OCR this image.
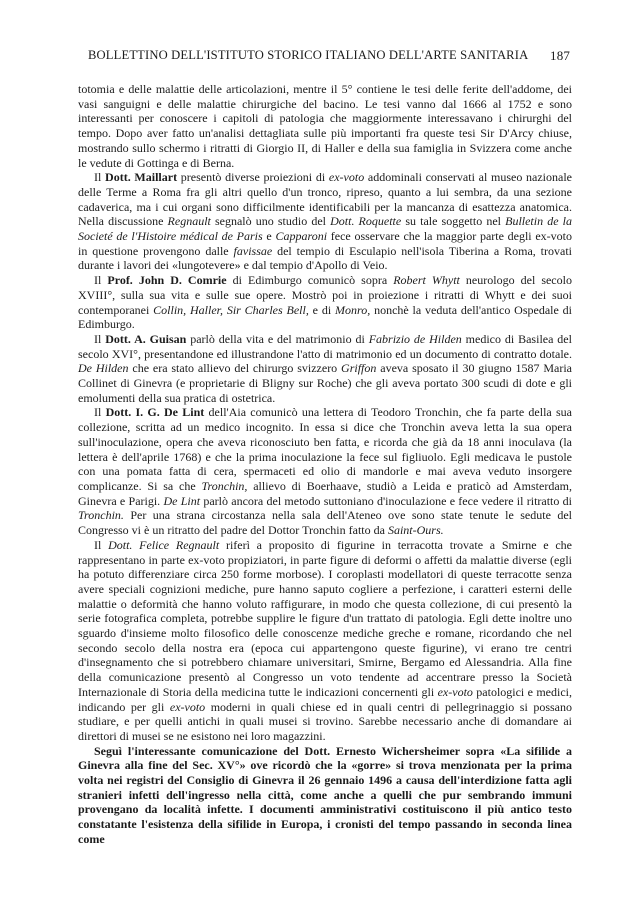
BOLLETTINO DELL'ISTITUTO STORICO ITALIANO DELL'ARTE SANITARIA 187

totomia e delle malattie delle articolazioni, mentre il 5° contiene le tesi delle ferite dell'addome, dei vasi sanguigni e delle malattie chirurgiche del bacino. Le tesi vanno dal 1666 al 1752 e sono interessanti per conoscere i capitoli di patologia che maggiormente interessavano i chirurghi del tempo. Dopo aver fatto un'analisi dettagliata sulle più importanti fra queste tesi Sir D'Arcy chiuse, mostrando sullo schermo i ritratti di Giorgio II, di Haller e della sua famiglia in Svizzera come anche le vedute di Gottinga e di Berna.

Il Dott. Maillart presentò diverse proiezioni di ex-voto addominali conservati al museo nazionale delle Terme a Roma fra gli altri quello d'un tronco, ripreso, quanto a lui sembra, da una sezione cadaverica, ma i cui organi sono difficilmente identificabili per la mancanza di esattezza anatomica. Nella discussione Regnault segnalò uno studio del Dott. Roquette su tale soggetto nel Bulletin de la Societé de l'Histoire médical de Paris e Capparoni fece osservare che la maggior parte degli ex-voto in questione provengono dalle favissae del tempio di Esculapio nell'isola Tiberina a Roma, trovati durante i lavori dei «lungotevere» e dal tempio d'Apollo di Veio.

Il Prof. John D. Comrie di Edimburgo comunicò sopra Robert Whytt neurologo del secolo XVIII°, sulla sua vita e sulle sue opere. Mostrò poi in proiezione i ritratti di Whytt e dei suoi contemporanei Collin, Haller, Sir Charles Bell, e di Monro, nonchè la veduta dell'antico Ospedale di Edimburgo.

Il Dott. A. Guisan parlò della vita e del matrimonio di Fabrizio de Hilden medico di Basilea del secolo XVI°, presentandone ed illustrandone l'atto di matrimonio ed un documento di contratto dotale. De Hilden che era stato allievo del chirurgo svizzero Griffon aveva sposato il 30 giugno 1587 Maria Collinet di Ginevra (e proprietarie di Bligny sur Roche) che gli aveva portato 300 scudi di dote e gli emolumenti della sua pratica di ostetrica.

Il Dott. I. G. De Lint dell'Aia comunicò una lettera di Teodoro Tronchin, che fa parte della sua collezione, scritta ad un medico incognito. In essa si dice che Tronchin aveva letta la sua opera sull'inoculazione, opera che aveva riconosciuto ben fatta, e ricorda che già da 18 anni inoculava (la lettera è dell'aprile 1768) e che la prima inoculazione la fece sul figliuolo. Egli medicava le pustole con una pomata fatta di cera, spermaceti ed olio di mandorle e mai aveva veduto insorgere complicanze. Si sa che Tronchin, allievo di Boerhaave, studiò a Leida e praticò ad Amsterdam, Ginevra e Parigi. De Lint parlò ancora del metodo suttoniano d'inoculazione e fece vedere il ritratto di Tronchin. Per una strana circostanza nella sala dell'Ateneo ove sono state tenute le sedute del Congresso vi è un ritratto del padre del Dottor Tronchin fatto da Saint-Ours.

Il Dott. Felice Regnault riferì a proposito di figurine in terracotta trovate a Smirne e che rappresentano in parte ex-voto propiziatori, in parte figure di deformi o affetti da malattie diverse (egli ha potuto differenziare circa 250 forme morbose). I coroplasti modellatori di queste terracotte senza avere speciali cognizioni mediche, pure hanno saputo cogliere a perfezione, i caratteri esterni delle malattie o deformità che hanno voluto raffigurare, in modo che questa collezione, di cui presentò la serie fotografica completa, potrebbe supplire le figure d'un trattato di patologia. Egli dette inoltre uno sguardo d'insieme molto filosofico delle conoscenze mediche greche e romane, ricordando che nel secondo secolo della nostra era (epoca cui appartengono queste figurine), vi erano tre centri d'insegnamento che si potrebbero chiamare universitari, Smirne, Bergamo ed Alessandria. Alla fine della comunicazione presentò al Congresso un voto tendente ad accentrare presso la Società Internazionale di Storia della medicina tutte le indicazioni concernenti gli ex-voto patologici e medici, indicando per gli ex-voto moderni in quali chiese ed in quali centri di pellegrinaggio si possano studiare, e per quelli antichi in quali musei si trovino. Sarebbe necessario anche di domandare ai direttori di musei se ne esistono nei loro magazzini.

Seguì l'interessante comunicazione del Dott. Ernesto Wichersheimer sopra «La sifilide a Ginevra alla fine del Sec. XV°» ove ricordò che la «gorre» si trova menzionata per la prima volta nei registri del Consiglio di Ginevra il 26 gennaio 1496 a causa dell'interdizione fatta agli stranieri infetti dell'ingresso nella città, come anche a quelli che pur sembrando immuni provengano da località infette. I documenti amministrativi costituiscono il più antico testo constatante l'esistenza della sifilide in Europa, i cronisti del tempo passando in seconda linea come
